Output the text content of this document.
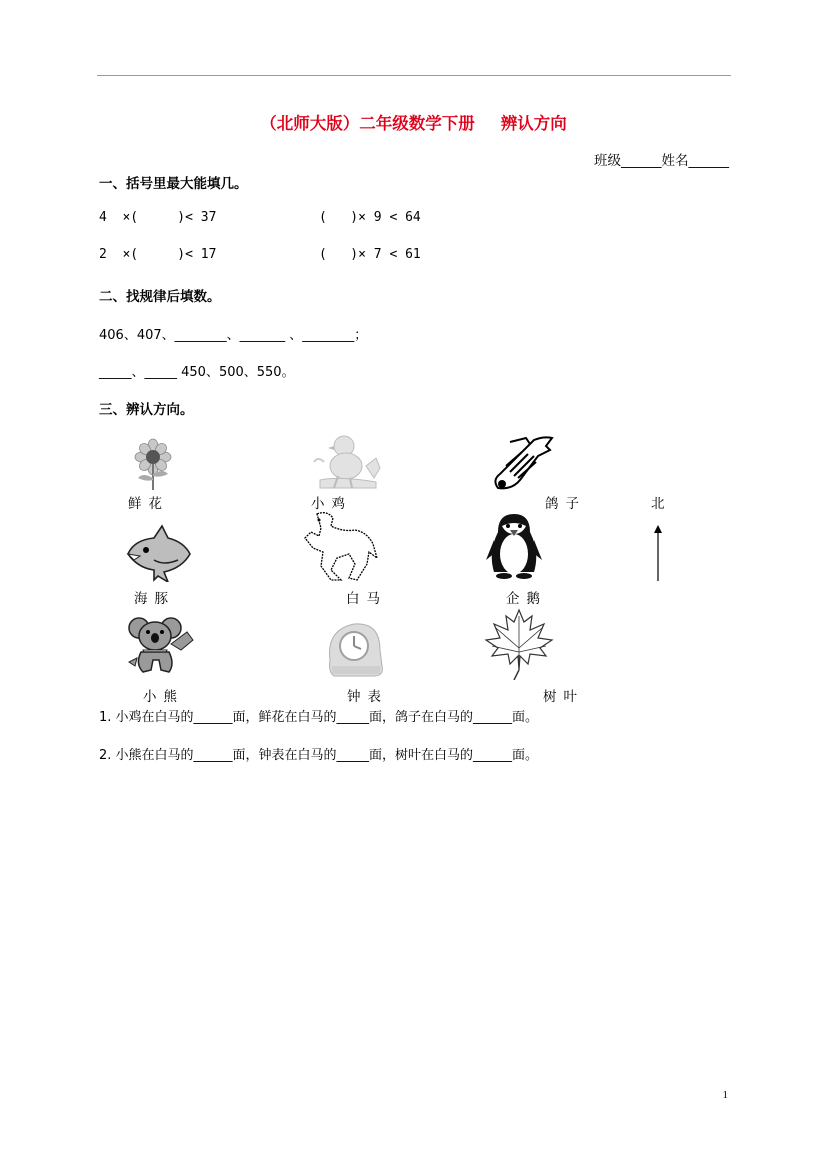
（北师大版）二年级数学下册 辨认方向
班级______姓名______
一、括号里最大能填几。
4  ×(     )< 37	(   )× 9 < 64
2  ×(     )< 17	(   )× 7 < 61
二、找规律后填数。
406、407、________、_______ 、________；
_____、_____ 450、500、550。
三、辨认方向。
鲜花	小鸡	鸽子	北
海豚	白马	企鹅
小熊	钟表	树叶
1. 小鸡在白马的______面，鲜花在白马的_____面，鸽子在白马的______面。
2. 小熊在白马的______面，钟表在白马的_____面，树叶在白马的______面。
1
